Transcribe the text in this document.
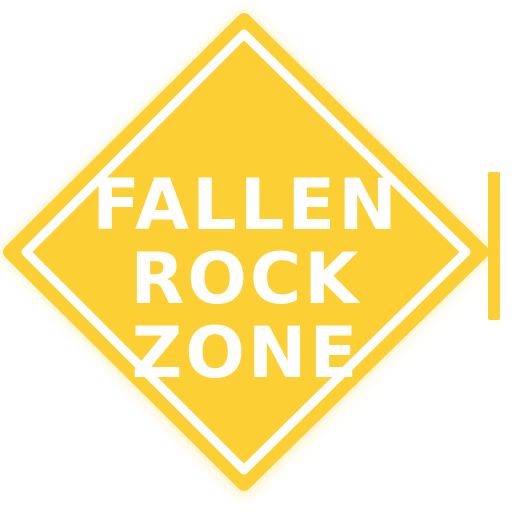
FALLEN
ROCK
ZONE
